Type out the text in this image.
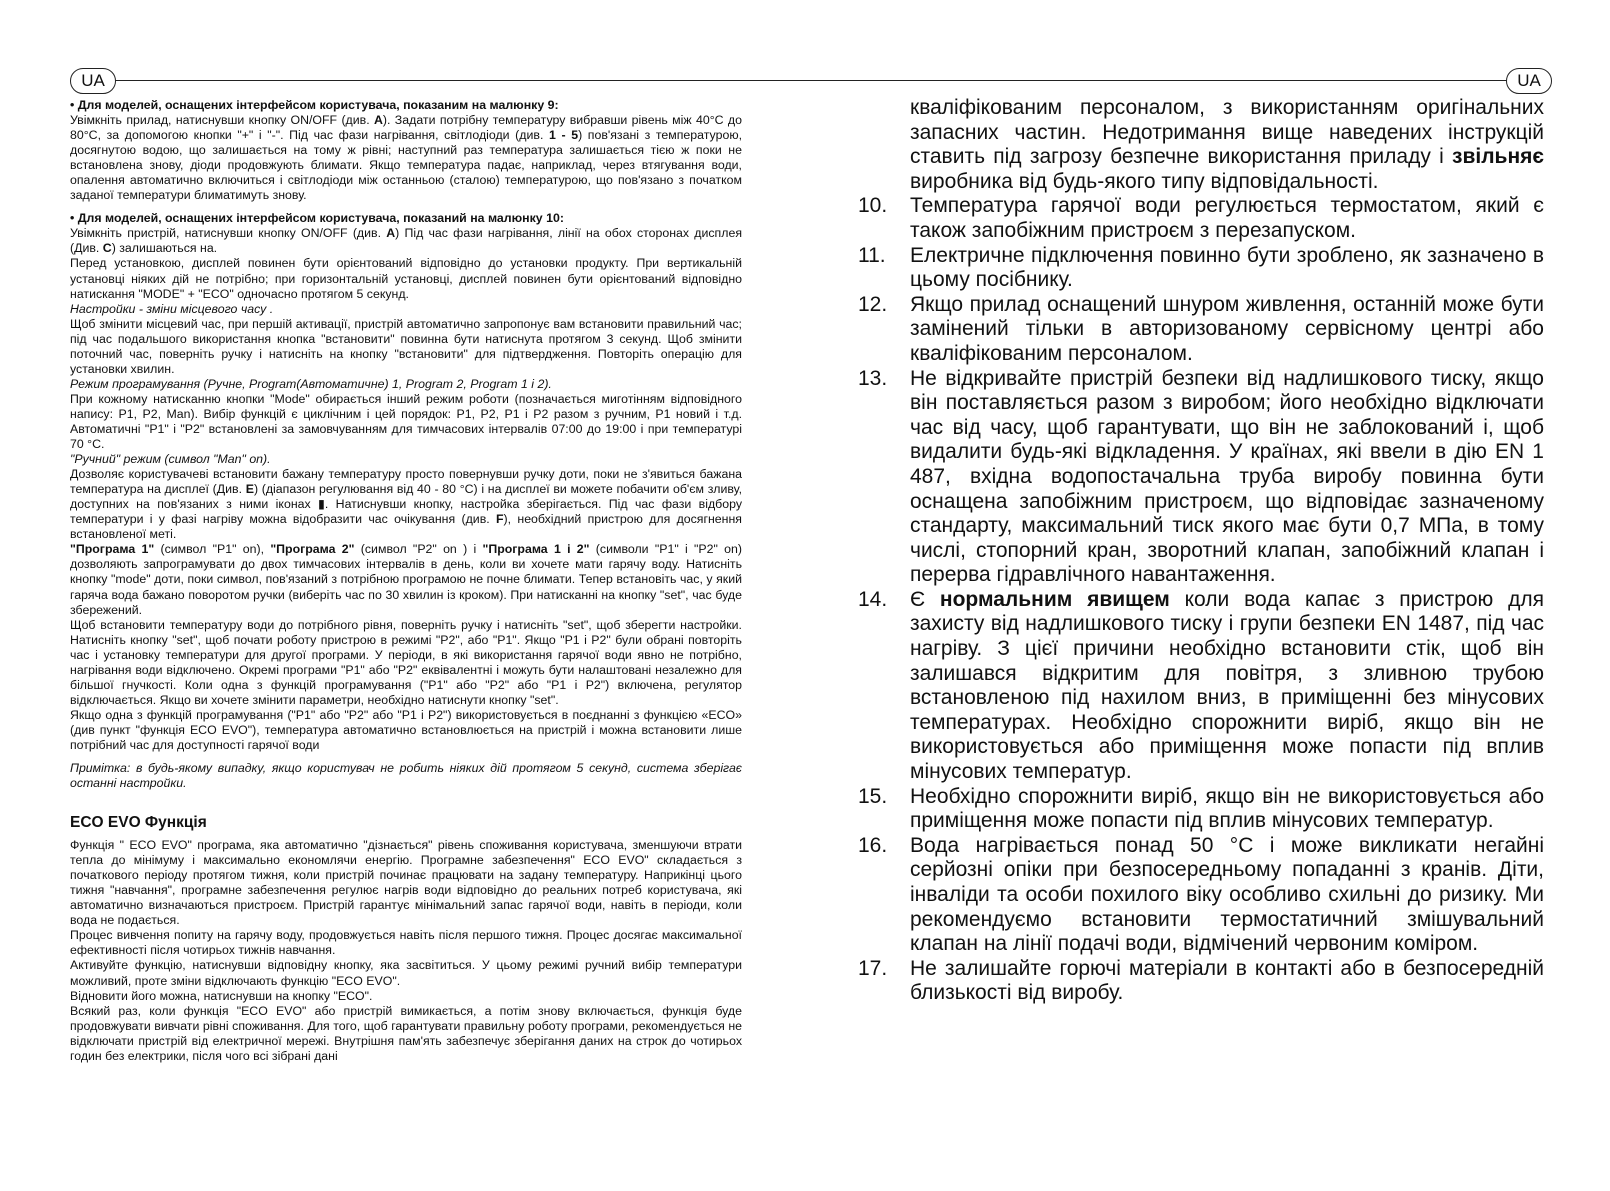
UA	UA

• Для моделей, оснащених інтерфейсом користувача, показаним на малюнку 9:

Увімкніть прилад, натиснувши кнопку ON/OFF (див. A). Задати потрібну температуру вибравши рівень між 40°C до 80°C, за допомогою кнопки "+" і "-". Під час фази нагрівання, світлодіоди (див. 1 - 5) пов'язані з температурою, досягнутою водою, що залишається на тому ж рівні; наступний раз температура залишається тією ж поки не встановлена знову, діоди продовжують блимати. Якщо температура падає, наприклад, через втягування води, опалення автоматично включиться і світлодіоди між останньою (сталою) температурою, що пов'язано з початком заданої температури блиматимуть знову.

• Для моделей, оснащених інтерфейсом користувача, показаний на малюнку 10:

Увімкніть пристрій, натиснувши кнопку ON/OFF (див. A) Під час фази нагрівання, лінії на обох сторонах дисплея (Див. C) залишаються на.

Перед установкою, дисплей повинен бути орієнтований відповідно до установки продукту. При вертикальній установці ніяких дій не потрібно; при горизонтальній установці, дисплей повинен бути орієнтований відповідно натискання "MODE" + "ECO" одночасно протягом 5 секунд.

Настройки - зміни місцевого часу .

Щоб змінити місцевий час, при першій активації, пристрій автоматично запропонує вам встановити правильний час; під час подальшого використання кнопка "встановити" повинна бути натиснута протягом 3 секунд. Щоб змінити поточний час, поверніть ручку і натисніть на кнопку "встановити" для підтвердження. Повторіть операцію для установки хвилин.

Режим програмування (Ручне, Program(Автоматичне) 1, Program 2, Program 1 і 2).

При кожному натисканню кнопки "Mode" обирається інший режим роботи (позначається миготінням відповідного напису: P1, P2, Man). Вибір функцій є циклічним і цей порядок: P1, P2, P1 і P2 разом з ручним, P1 новий і т.д. Автоматичні "P1" і "P2" встановлені за замовчуванням для тимчасових інтервалів 07:00 до 19:00 і при температурі 70 °C.

"Ручний" режим (символ "Man" on).

Дозволяє користувачеві встановити бажану температуру просто повернувши ручку доти, поки не з'явиться бажана температура на дисплеї (Див. E) (діапазон регулювання від 40 - 80 °C) і на дисплеї ви можете побачити об'єм зливу, доступних на пов'язаних з ними іконах ▮. Натиснувши кнопку, настройка зберігається. Під час фази відбору температури і у фазі нагріву можна відобразити час очікування (див. F), необхідний пристрою для досягнення встановленої меті.

"Програма 1" (символ "P1" on), "Програма 2" (символ "P2" on ) і "Програма 1 і 2" (символи "P1" і "P2" on) дозволяють запрограмувати до двох тимчасових інтервалів в день, коли ви хочете мати гарячу воду. Натисніть кнопку "mode" доти, поки символ, пов'язаний з потрібною програмою не почне блимати. Тепер встановіть час, у який гаряча вода бажано поворотом ручки (виберіть час по 30 хвилин із кроком). При натисканні на кнопку "set", час буде збережений.

Щоб встановити температуру води до потрібного рівня, поверніть ручку і натисніть "set", щоб зберегти настройки. Натисніть кнопку "set", щоб почати роботу пристрою в режимі "P2", або "P1". Якщо "P1 і P2" були обрані повторіть час і установку температури для другої програми. У періоди, в які використання гарячої води явно не потрібно, нагрівання води відключено. Окремі програми "P1" або "P2" еквівалентні і можуть бути налаштовані незалежно для більшої гнучкості. Коли одна з функцій програмування ("P1" або "P2" або "P1 і P2") включена, регулятор відключається. Якщо ви хочете змінити параметри, необхідно натиснути кнопку "set".

Якщо одна з функцій програмування ("P1" або "P2" або "P1 і P2") використовується в поєднанні з функцією «ECO» (див пункт "функція ECO EVO"), температура автоматично встановлюється на пристрій і можна встановити лише потрібний час для доступності гарячої води

Примітка: в будь-якому випадку, якщо користувач не робить ніяких дій протягом 5 секунд, система зберігає останні настройки.

ECO EVO Функція

Функція " ECO EVO" програма, яка автоматично "дізнається" рівень споживання користувача, зменшуючи втрати тепла до мінімуму і максимально економлячи енергію. Програмне забезпечення" ECO EVO" складається з початкового періоду протягом тижня, коли пристрій починає працювати на задану температуру. Наприкінці цього тижня "навчання", програмне забезпечення регулює нагрів води відповідно до реальних потреб користувача, які автоматично визначаються пристроєм. Пристрій гарантує мінімальний запас гарячої води, навіть в періоди, коли вода не подається.

Процес вивчення попиту на гарячу воду, продовжується навіть після першого тижня. Процес досягає максимальної ефективності після чотирьох тижнів навчання.

Активуйте функцію, натиснувши відповідну кнопку, яка засвітиться. У цьому режимі ручний вибір температури можливий, проте зміни відключають функцію "ECO EVO".

Відновити його можна, натиснувши на кнопку "ECO".

Всякий раз, коли функція "ECO EVO" або пристрій вимикається, а потім знову включається, функція буде продовжувати вивчати рівні споживання. Для того, щоб гарантувати правильну роботу програми, рекомендується не відключати пристрій від електричної мережі. Внутрішня пам'ять забезпечує зберігання даних на строк до чотирьох годин без електрики, після чого всі зібрані дані

кваліфікованим персоналом, з використанням оригінальних запасних частин. Недотримання вище наведених інструкцій ставить під загрозу безпечне використання приладу і звільняє виробника від будь-якого типу відповідальності.
10.	Температура гарячої води регулюється термостатом, який є також запобіжним пристроєм з перезапуском.
11.	Електричне підключення повинно бути зроблено, як зазначено в цьому посібнику.
12.	Якщо прилад оснащений шнуром живлення, останній може бути замінений тільки в авторизованому сервісному центрі або кваліфікованим персоналом.
13.	Не відкривайте пристрій безпеки від надлишкового тиску, якщо він поставляється разом з виробом; його необхідно відключати час від часу, щоб гарантувати, що він не заблокований і, щоб видалити будь-які відкладення. У країнах, які ввели в дію EN 1 487, вхідна водопостачальна труба виробу повинна бути оснащена запобіжним пристроєм, що відповідає зазначеному стандарту, максимальний тиск якого має бути 0,7 МПа, в тому числі, стопорний кран, зворотний клапан, запобіжний клапан і перерва гідравлічного навантаження.
14.	Є нормальним явищем коли вода капає з пристрою для захисту від надлишкового тиску і групи безпеки EN 1487, під час нагріву. З цієї причини необхідно встановити стік, щоб він залишався відкритим для повітря, з зливною трубою встановленою під нахилом вниз, в приміщенні без мінусових температурах. Необхідно спорожнити виріб, якщо він не використовується або приміщення може попасти під вплив мінусових температур.
15.	Необхідно спорожнити виріб, якщо він не використовується або приміщення може попасти під вплив мінусових температур.
16.	Вода нагрівається понад 50 °C і може викликати негайні серйозні опіки при безпосередньому попаданні з кранів. Діти, інваліди та особи похилого віку особливо схильні до ризику. Ми рекомендуємо встановити термостатичний змішувальний клапан на лінії подачі води, відмічений червоним коміром.
17.	Не залишайте горючі матеріали в контакті або в безпосередній близькості від виробу.
